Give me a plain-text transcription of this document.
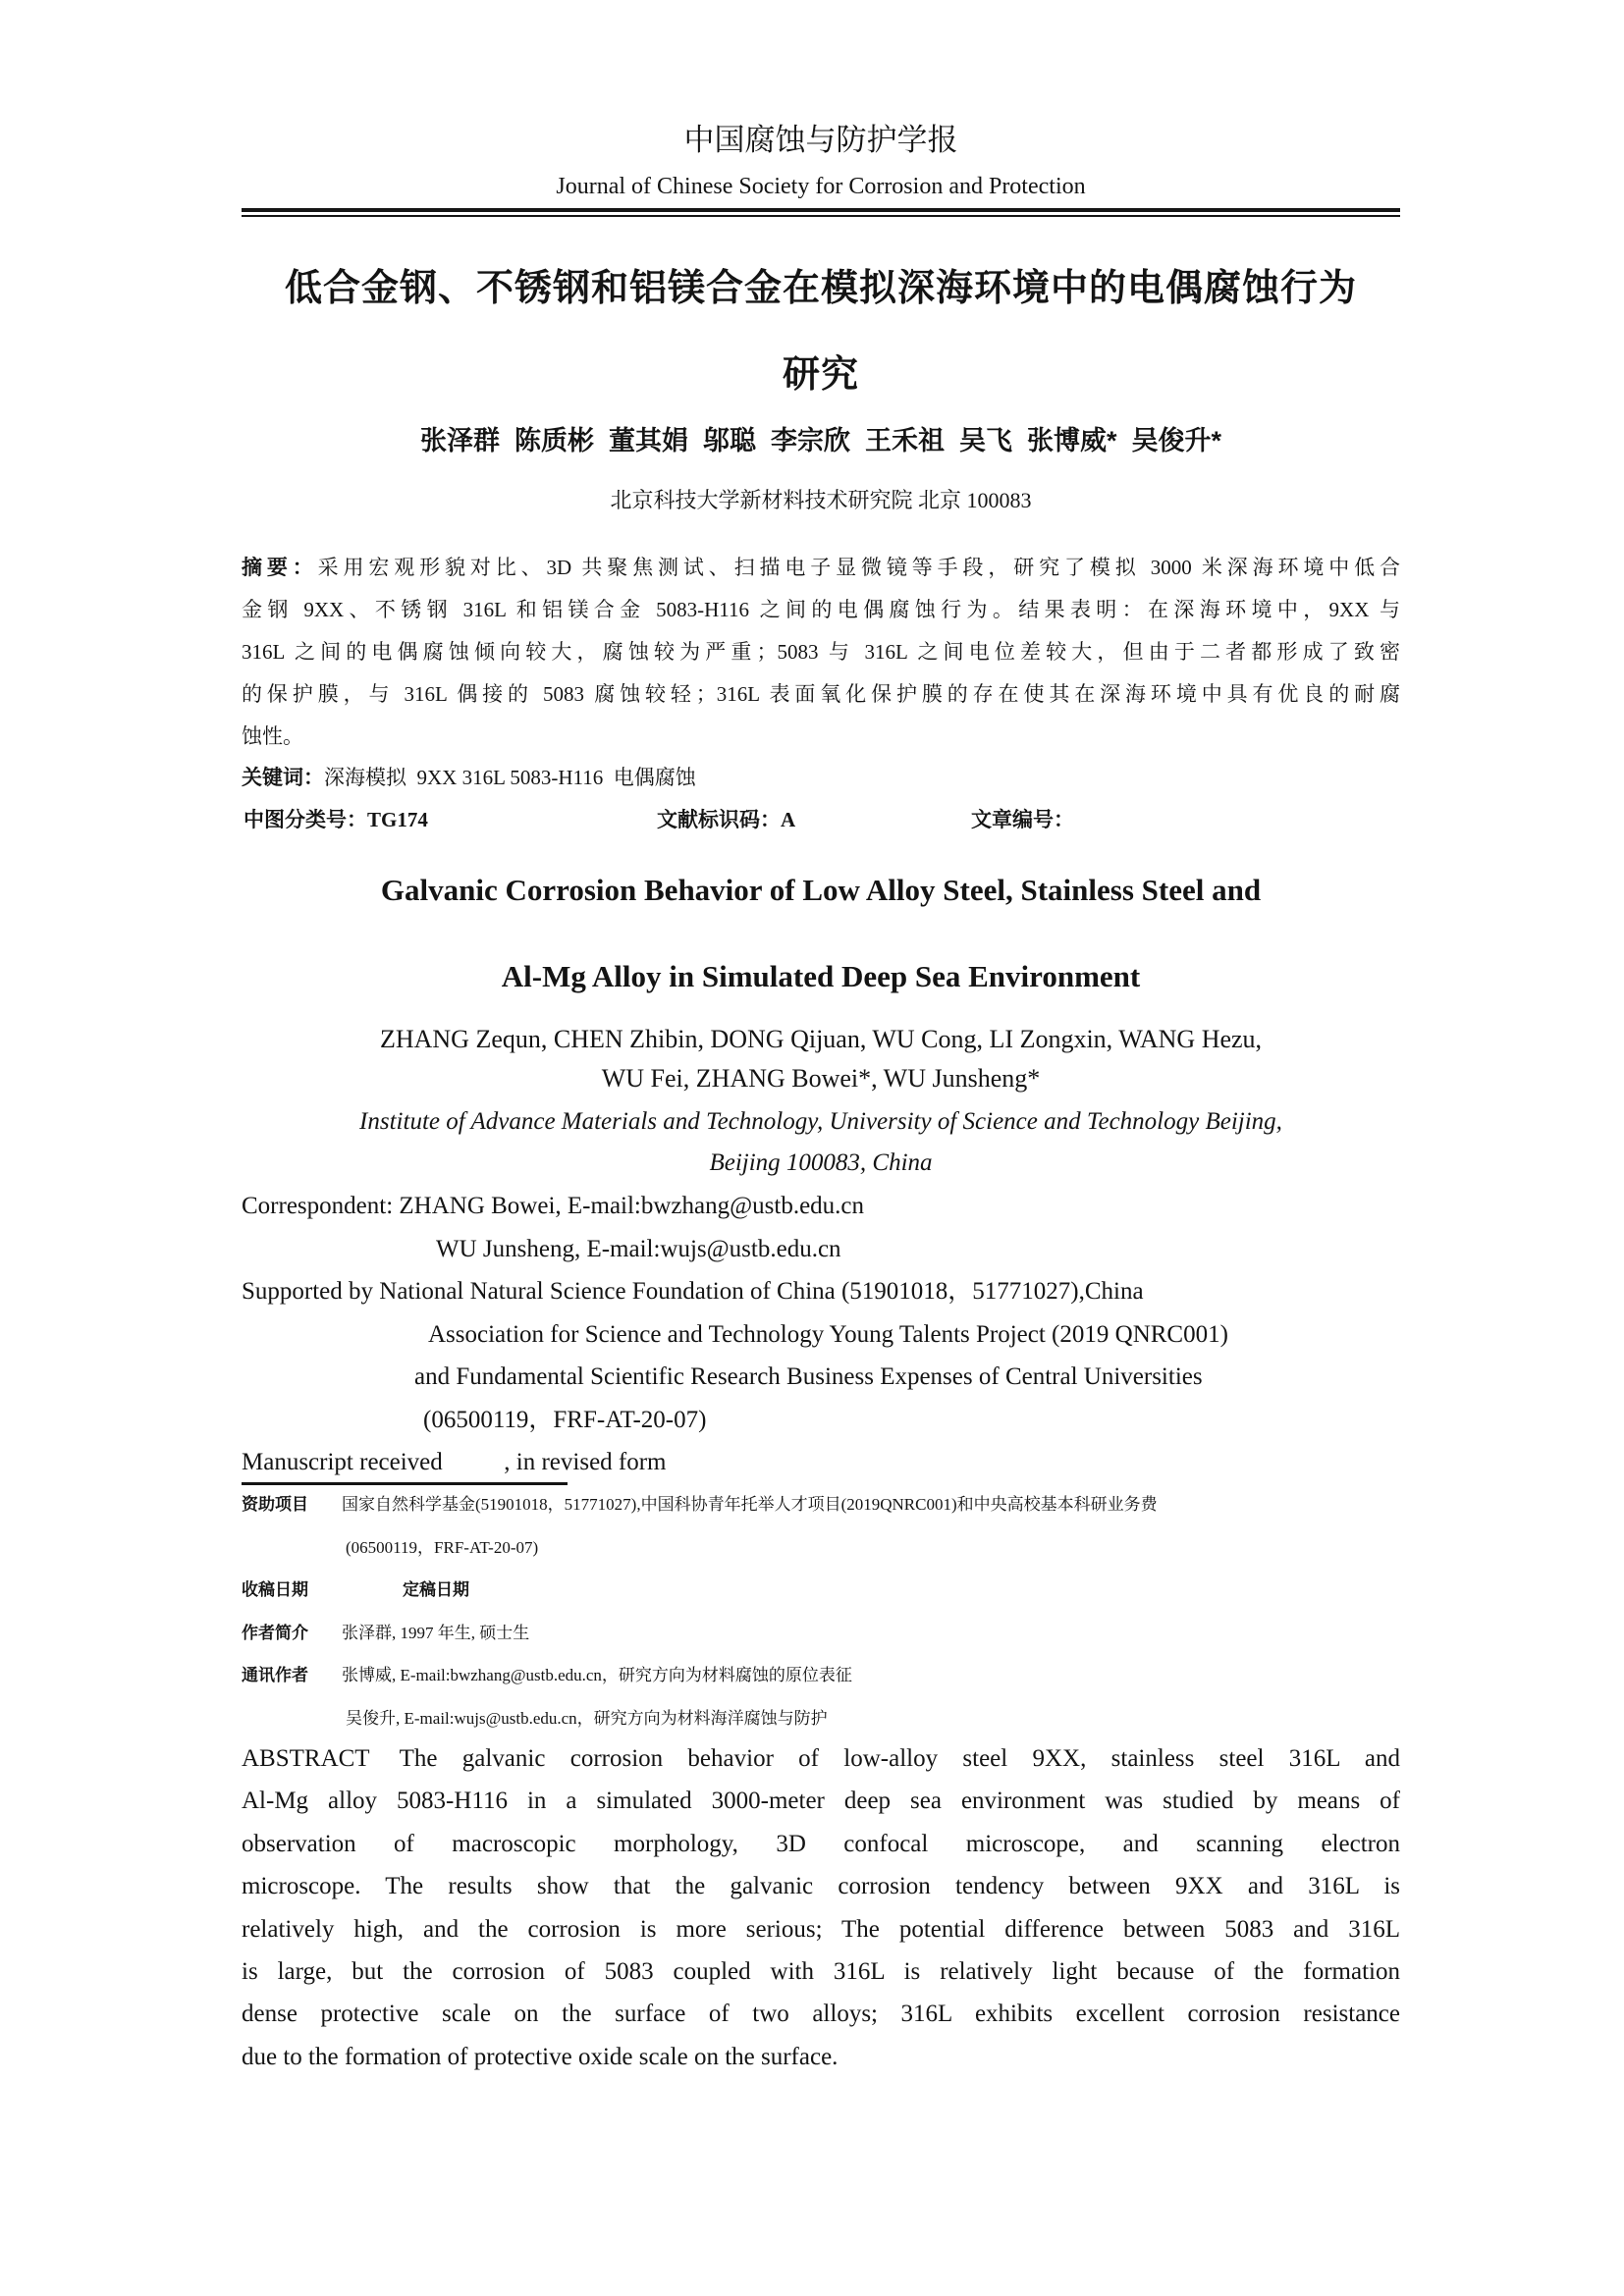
中国腐蚀与防护学报
Journal of Chinese Society for Corrosion and Protection
低合金钢、不锈钢和铝镁合金在模拟深海环境中的电偶腐蚀行为
研究
张泽群  陈质彬  董其娟  邬聪  李宗欣  王禾祖  吴飞  张博威*  吴俊升*
北京科技大学新材料技术研究院 北京 100083
摘要：采用宏观形貌对比、3D 共聚焦测试、扫描电子显微镜等手段，研究了模拟 3000 米深海环境中低合
金钢 9XX、不锈钢 316L 和铝镁合金 5083-H116 之间的电偶腐蚀行为。结果表明：在深海环境中，9XX 与
316L 之间的电偶腐蚀倾向较大，腐蚀较为严重；5083 与 316L 之间电位差较大，但由于二者都形成了致密
的保护膜，与 316L 偶接的 5083 腐蚀较轻；316L 表面氧化保护膜的存在使其在深海环境中具有优良的耐腐
蚀性。
关键词：深海模拟  9XX 316L 5083-H116  电偶腐蚀
中图分类号：TG174	文献标识码：A	文章编号：
Galvanic Corrosion Behavior of Low Alloy Steel, Stainless Steel and
Al-Mg Alloy in Simulated Deep Sea Environment
ZHANG Zequn, CHEN Zhibin, DONG Qijuan, WU Cong, LI Zongxin, WANG Hezu,
WU Fei, ZHANG Bowei*, WU Junsheng*
Institute of Advance Materials and Technology, University of Science and Technology Beijing,
Beijing 100083, China
Correspondent: ZHANG Bowei, E-mail:bwzhang@ustb.edu.cn
WU Junsheng, E-mail:wujs@ustb.edu.cn
Supported by National Natural Science Foundation of China (51901018，51771027),China
Association for Science and Technology Young Talents Project (2019 QNRC001)
and Fundamental Scientific Research Business Expenses of Central Universities
(06500119，FRF-AT-20-07)
Manuscript received          , in revised form
资助项目 国家自然科学基金(51901018，51771027),中国科协青年托举人才项目(2019QNRC001)和中央高校基本科研业务费
(06500119，FRF-AT-20-07)
收稿日期	定稿日期
作者简介 张泽群, 1997 年生, 硕士生
通讯作者 张博威, E-mail:bwzhang@ustb.edu.cn，研究方向为材料腐蚀的原位表征
吴俊升, E-mail:wujs@ustb.edu.cn，研究方向为材料海洋腐蚀与防护
ABSTRACT The galvanic corrosion behavior of low-alloy steel 9XX, stainless steel 316L and
Al-Mg alloy 5083-H116 in a simulated 3000-meter deep sea environment was studied by means of
observation of macroscopic morphology, 3D confocal microscope, and scanning electron
microscope. The results show that the galvanic corrosion tendency between 9XX and 316L is
relatively high, and the corrosion is more serious; The potential difference between 5083 and 316L
is large, but the corrosion of 5083 coupled with 316L is relatively light because of the formation
dense protective scale on the surface of two alloys; 316L exhibits excellent corrosion resistance
due to the formation of protective oxide scale on the surface.
